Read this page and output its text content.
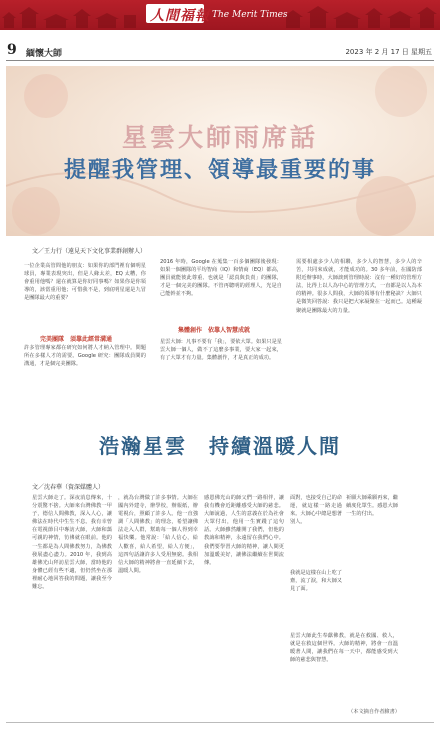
人間福報 The Merit Times
9 緬懷大師	2023 年 2 月 17 日 星期五
星雲大師雨席話
提醒我管理、領導最重要的事
文／王力行（遠見天下文化事業群創辦人）
一位企業高管問他的朋友：如果你的部門裡有個明星球員，專業表現突出，但是人緣太差，EQ 太糟，你會重用他嗎？還在就算是你好同事嗎？如果你是你領導的，該當重用他；可惜我不是，到底明星還是九冒是團隊最大的重要？
完美團隊　須靠此經常溝通
許多管理專家都在研究如何將人才納入管理中。問題所在多樣人才的需要。Google 研究：團隊成員間的溝通，才是個完美團隊。
2016 年時，Google 在蒐集一百多個團隊後發現：如果一個團隊的平均智商（IQ）和情商（EQ）都高，團員就能彼此尊重、也就是「認真與負責」的團隊，才是一個完美的團隊。不管再聰明的經理人，光是自己能幹並不夠。
集體創作　依靠人智慧成就
星雲大師：凡事不要有「我」，要依大眾。如果只是星雲大師一個人，做不了這麼多事業，要大家一起來，有了大眾才有力量。集體創作，才是真正的成功。
需要相處多少人的相聯，多少人的智慧，多少人的辛苦，共同來成就，才能成功的。30 多年前，在國防部附近辦事時，大師談到管理時說：沒有一種好的管理方法，比得上以人為中心的管理方式，一直都是以人為本的精神。很多人問我，大師的領導有什麼秘訣？大師只是微笑回答說：我只是把大家凝聚在一起而已。這種凝聚就是團隊最大的力量。
浩瀚星雲　持續溫暖人間
文／沈春華（資深媒體人）
星雲大師走了。深夜消息傳來，十分震驚不捨。大師來台灣佛教一甲子，德信人間佛教，深入人心，讓佛法在時代中生生不息。我有幸曾在電視節目中專訪大師，大師和藹可親的神情，彷彿就在眼前。他的一生都是為人間佛教努力，為佛教發展盡心盡力。2010 年，我到高雄佛光山拜訪星雲大師，當時他的身體已經有些不適，但仍然坐在那裡耐心地回答我的問題，讓我至今難忘。
，就為台灣做了許多事情。大師在國內外建寺，辦學校，辦報紙，辦電視台，照顧了許多人。他一直強調「人間佛教」的理念，希望讓佛法走入人群，幫助每一個人得到幸福快樂。他常說：「給人信心，給人歡喜，給人希望，給人方便」，這四句話讓許多人受用無窮。我相信大師的精神將會一直延續下去，溫暖人間。
感恩佛光山的師父們一路相伴，讓我有機會近距離感受大師的慈悲。大師說過，人生的意義在於為社會大眾付出，他用一生實踐了這句話。大師雖然離開了我們，但他的教誨和精神，永遠留在我們心中。我們要學習大師的精神，讓人間更加溫暖美好，讓佛法繼續在世間流傳。
面對，也接受自己的命運，就這樣一路走過來。大師心中總是想著別人。
我就是這樣在山上吃了齋，流了淚，和大師又見了面。
祈願大師乘願再來，繼續度化眾生。感恩大師一生的付出。
星雲大師此生奉獻佛教，就是在救國、救人，就是在救這個世界。大師的精神，將會一直溫暖著人間，讓我們在每一天中，都能感受到大師的慈悲與智慧。
（本文摘自作者臉書）
